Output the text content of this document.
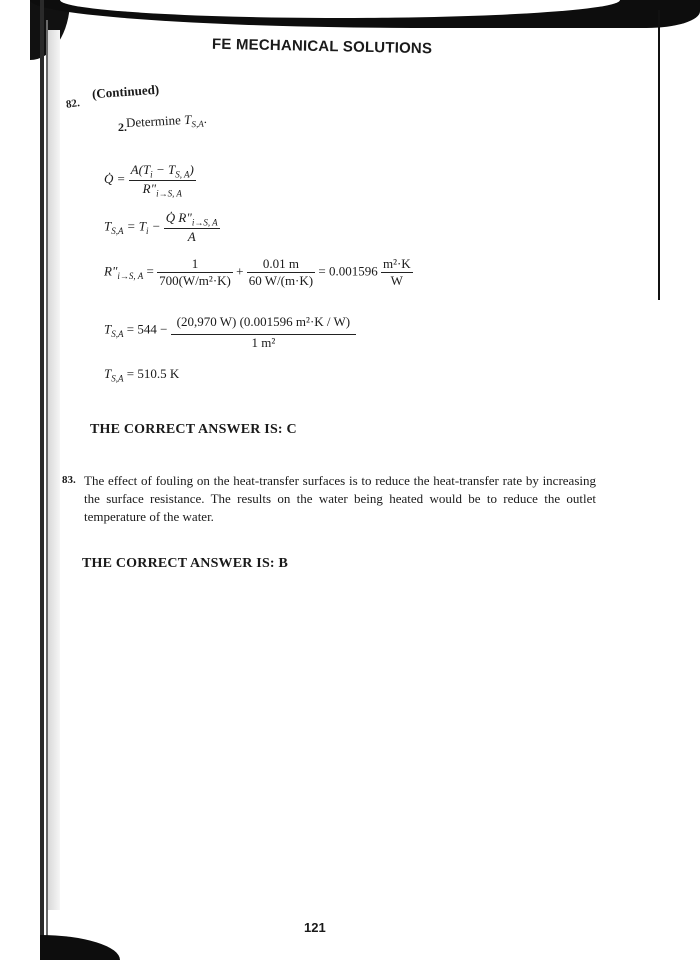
FE MECHANICAL SOLUTIONS
82.
(Continued)
2.
Determine $T_{S,A}$.
Q̇ = $\frac{A(T_i - T_{S, A})}{R"_{i\to S, A}}$
$T_{S,A} = T_i - \frac{Q̇ R"_{i\to S, A}}{A}$
$R"_{i\to S, A} = \frac{1}{\text{700(W/m²·K)}} + \frac{0.01 m}{60 W/(m\cdot K)} = 0.001596 \frac{\text{m²·K}}{W}$
$T_{S,A} = 544 - \frac{\text{(20,970 W) (0.001596 m²·K / W)}}{\text{1 m²}}$
$T_{S,A} = 510.5$ K
THE CORRECT ANSWER IS: C
83. The effect of fouling on the heat-transfer surfaces is to reduce the heat-transfer rate by increasing the surface resistance. The results on the water being heated would be to reduce the outlet temperature of the water.
THE CORRECT ANSWER IS: B
121
